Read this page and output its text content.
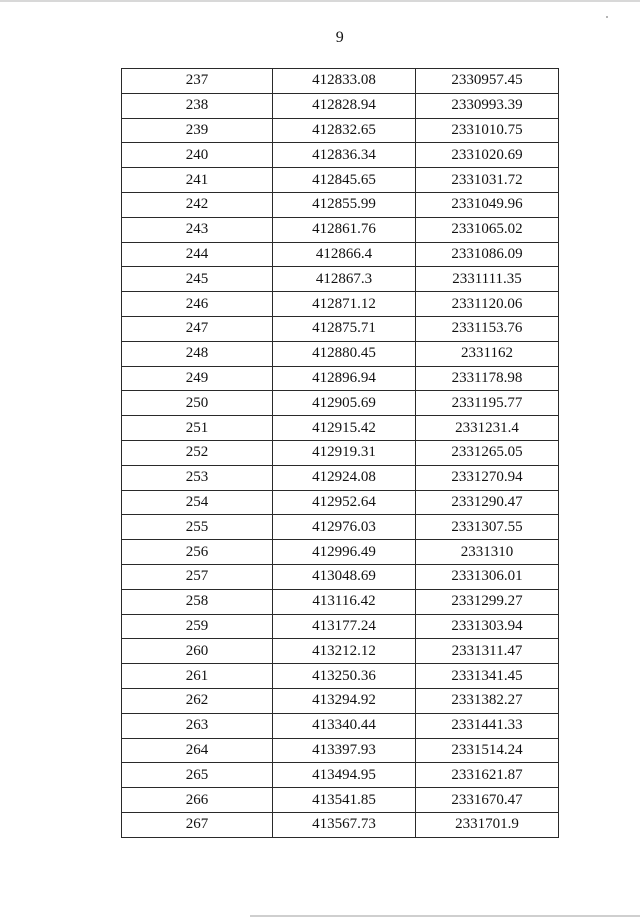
9
237	412833.08	2330957.45
238	412828.94	2330993.39
239	412832.65	2331010.75
240	412836.34	2331020.69
241	412845.65	2331031.72
242	412855.99	2331049.96
243	412861.76	2331065.02
244	412866.4	2331086.09
245	412867.3	2331111.35
246	412871.12	2331120.06
247	412875.71	2331153.76
248	412880.45	2331162
249	412896.94	2331178.98
250	412905.69	2331195.77
251	412915.42	2331231.4
252	412919.31	2331265.05
253	412924.08	2331270.94
254	412952.64	2331290.47
255	412976.03	2331307.55
256	412996.49	2331310
257	413048.69	2331306.01
258	413116.42	2331299.27
259	413177.24	2331303.94
260	413212.12	2331311.47
261	413250.36	2331341.45
262	413294.92	2331382.27
263	413340.44	2331441.33
264	413397.93	2331514.24
265	413494.95	2331621.87
266	413541.85	2331670.47
267	413567.73	2331701.9
